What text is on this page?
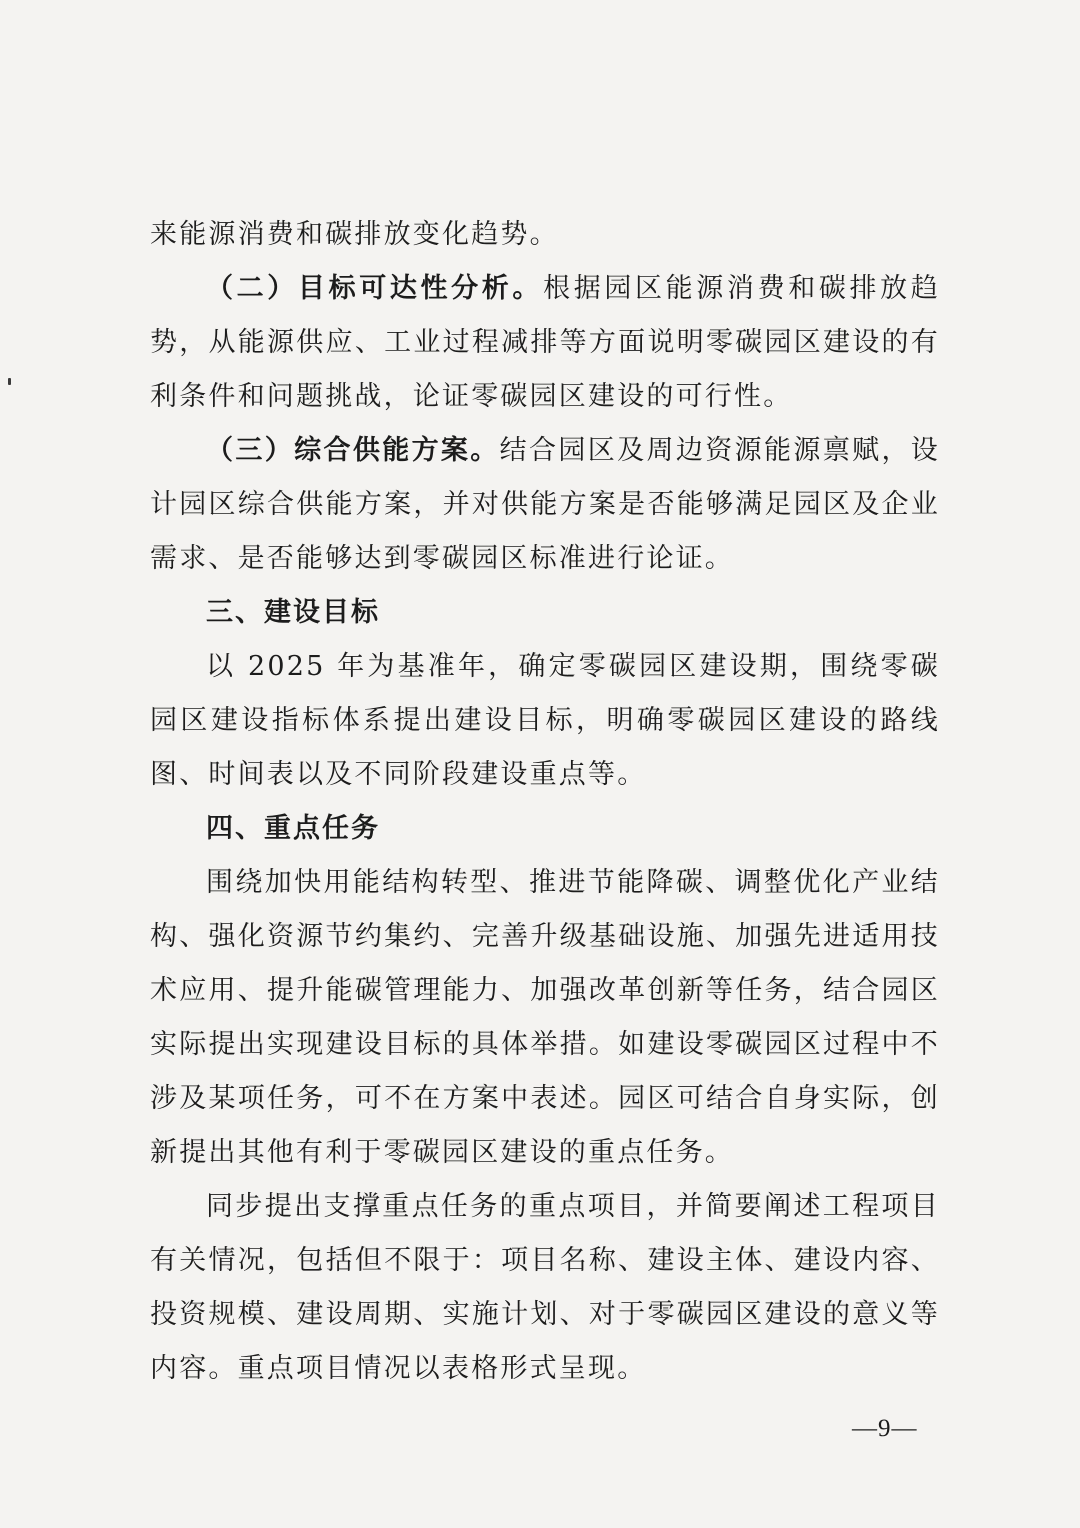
来能源消费和碳排放变化趋势。

（二）目标可达性分析。根据园区能源消费和碳排放趋势，从能源供应、工业过程减排等方面说明零碳园区建设的有利条件和问题挑战，论证零碳园区建设的可行性。

（三）综合供能方案。结合园区及周边资源能源禀赋，设计园区综合供能方案，并对供能方案是否能够满足园区及企业需求、是否能够达到零碳园区标准进行论证。

三、建设目标

以 2025 年为基准年，确定零碳园区建设期，围绕零碳园区建设指标体系提出建设目标，明确零碳园区建设的路线图、时间表以及不同阶段建设重点等。

四、重点任务

围绕加快用能结构转型、推进节能降碳、调整优化产业结构、强化资源节约集约、完善升级基础设施、加强先进适用技术应用、提升能碳管理能力、加强改革创新等任务，结合园区实际提出实现建设目标的具体举措。如建设零碳园区过程中不涉及某项任务，可不在方案中表述。园区可结合自身实际，创新提出其他有利于零碳园区建设的重点任务。

同步提出支撑重点任务的重点项目，并简要阐述工程项目有关情况，包括但不限于：项目名称、建设主体、建设内容、投资规模、建设周期、实施计划、对于零碳园区建设的意义等内容。重点项目情况以表格形式呈现。

—9—
